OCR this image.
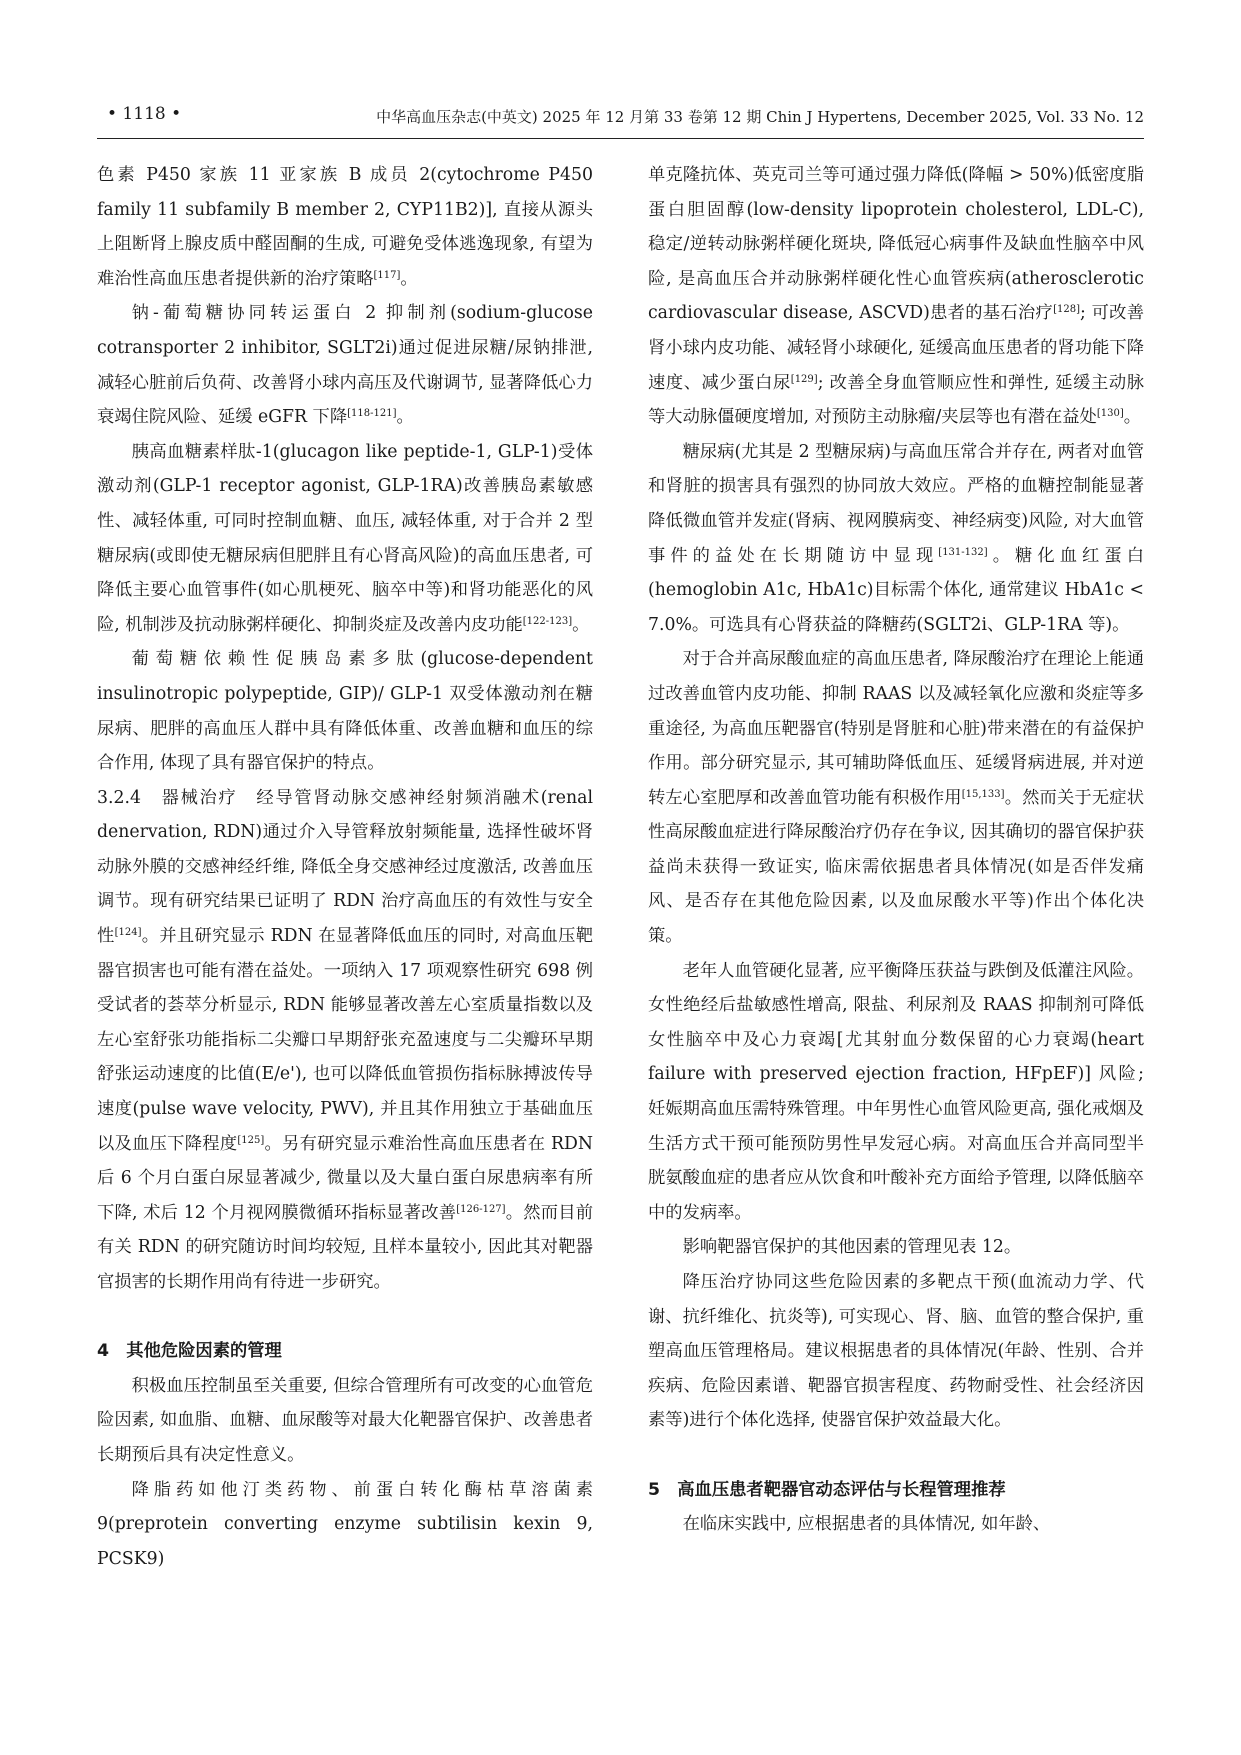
• 1118 •	中华高血压杂志(中英文) 2025 年 12 月第 33 卷第 12 期 Chin J Hypertens, December 2025, Vol. 33 No. 12

色素 P450 家族 11 亚家族 B 成员 2(cytochrome P450 family 11 subfamily B member 2, CYP11B2)], 直接从源头上阻断肾上腺皮质中醛固酮的生成, 可避免受体逃逸现象, 有望为难治性高血压患者提供新的治疗策略[117]。

钠-葡萄糖协同转运蛋白 2 抑制剂(sodium-glucose cotransporter 2 inhibitor, SGLT2i)通过促进尿糖/尿钠排泄, 减轻心脏前后负荷、改善肾小球内高压及代谢调节, 显著降低心力衰竭住院风险、延缓 eGFR 下降[118-121]。

胰高血糖素样肽-1(glucagon like peptide-1, GLP-1)受体激动剂(GLP-1 receptor agonist, GLP-1RA)改善胰岛素敏感性、减轻体重, 可同时控制血糖、血压, 减轻体重, 对于合并 2 型糖尿病(或即使无糖尿病但肥胖且有心肾高风险)的高血压患者, 可降低主要心血管事件(如心肌梗死、脑卒中等)和肾功能恶化的风险, 机制涉及抗动脉粥样硬化、抑制炎症及改善内皮功能[122-123]。

葡萄糖依赖性促胰岛素多肽(glucose-dependent insulinotropic polypeptide, GIP)/ GLP-1 双受体激动剂在糖尿病、肥胖的高血压人群中具有降低体重、改善血糖和血压的综合作用, 体现了具有器官保护的特点。

3.2.4　器械治疗　经导管肾动脉交感神经射频消融术(renal denervation, RDN)通过介入导管释放射频能量, 选择性破坏肾动脉外膜的交感神经纤维, 降低全身交感神经过度激活, 改善血压调节。现有研究结果已证明了 RDN 治疗高血压的有效性与安全性[124]。并且研究显示 RDN 在显著降低血压的同时, 对高血压靶器官损害也可能有潜在益处。一项纳入 17 项观察性研究 698 例受试者的荟萃分析显示, RDN 能够显著改善左心室质量指数以及左心室舒张功能指标二尖瓣口早期舒张充盈速度与二尖瓣环早期舒张运动速度的比值(E/e'), 也可以降低血管损伤指标脉搏波传导速度(pulse wave velocity, PWV), 并且其作用独立于基础血压以及血压下降程度[125]。另有研究显示难治性高血压患者在 RDN 后 6 个月白蛋白尿显著减少, 微量以及大量白蛋白尿患病率有所下降, 术后 12 个月视网膜微循环指标显著改善[126-127]。然而目前有关 RDN 的研究随访时间均较短, 且样本量较小, 因此其对靶器官损害的长期作用尚有待进一步研究。

4　其他危险因素的管理

积极血压控制虽至关重要, 但综合管理所有可改变的心血管危险因素, 如血脂、血糖、血尿酸等对最大化靶器官保护、改善患者长期预后具有决定性意义。

降脂药如他汀类药物、前蛋白转化酶枯草溶菌素 9(preprotein converting enzyme subtilisin kexin 9, PCSK9)

单克隆抗体、英克司兰等可通过强力降低(降幅 > 50%)低密度脂蛋白胆固醇(low-density lipoprotein cholesterol, LDL-C), 稳定/逆转动脉粥样硬化斑块, 降低冠心病事件及缺血性脑卒中风险, 是高血压合并动脉粥样硬化性心血管疾病(atherosclerotic cardiovascular disease, ASCVD)患者的基石治疗[128]; 可改善肾小球内皮功能、减轻肾小球硬化, 延缓高血压患者的肾功能下降速度、减少蛋白尿[129]; 改善全身血管顺应性和弹性, 延缓主动脉等大动脉僵硬度增加, 对预防主动脉瘤/夹层等也有潜在益处[130]。

糖尿病(尤其是 2 型糖尿病)与高血压常合并存在, 两者对血管和肾脏的损害具有强烈的协同放大效应。严格的血糖控制能显著降低微血管并发症(肾病、视网膜病变、神经病变)风险, 对大血管事件的益处在长期随访中显现[131-132]。糖化血红蛋白(hemoglobin A1c, HbA1c)目标需个体化, 通常建议 HbA1c < 7.0%。可选具有心肾获益的降糖药(SGLT2i、GLP-1RA 等)。

对于合并高尿酸血症的高血压患者, 降尿酸治疗在理论上能通过改善血管内皮功能、抑制 RAAS 以及减轻氧化应激和炎症等多重途径, 为高血压靶器官(特别是肾脏和心脏)带来潜在的有益保护作用。部分研究显示, 其可辅助降低血压、延缓肾病进展, 并对逆转左心室肥厚和改善血管功能有积极作用[15,133]。然而关于无症状性高尿酸血症进行降尿酸治疗仍存在争议, 因其确切的器官保护获益尚未获得一致证实, 临床需依据患者具体情况(如是否伴发痛风、是否存在其他危险因素, 以及血尿酸水平等)作出个体化决策。

老年人血管硬化显著, 应平衡降压获益与跌倒及低灌注风险。女性绝经后盐敏感性增高, 限盐、利尿剂及 RAAS 抑制剂可降低女性脑卒中及心力衰竭[尤其射血分数保留的心力衰竭(heart failure with preserved ejection fraction, HFpEF)] 风险; 妊娠期高血压需特殊管理。中年男性心血管风险更高, 强化戒烟及生活方式干预可能预防男性早发冠心病。对高血压合并高同型半胱氨酸血症的患者应从饮食和叶酸补充方面给予管理, 以降低脑卒中的发病率。

影响靶器官保护的其他因素的管理见表 12。

降压治疗协同这些危险因素的多靶点干预(血流动力学、代谢、抗纤维化、抗炎等), 可实现心、肾、脑、血管的整合保护, 重塑高血压管理格局。建议根据患者的具体情况(年龄、性别、合并疾病、危险因素谱、靶器官损害程度、药物耐受性、社会经济因素等)进行个体化选择, 使器官保护效益最大化。

5　高血压患者靶器官动态评估与长程管理推荐

在临床实践中, 应根据患者的具体情况, 如年龄、
